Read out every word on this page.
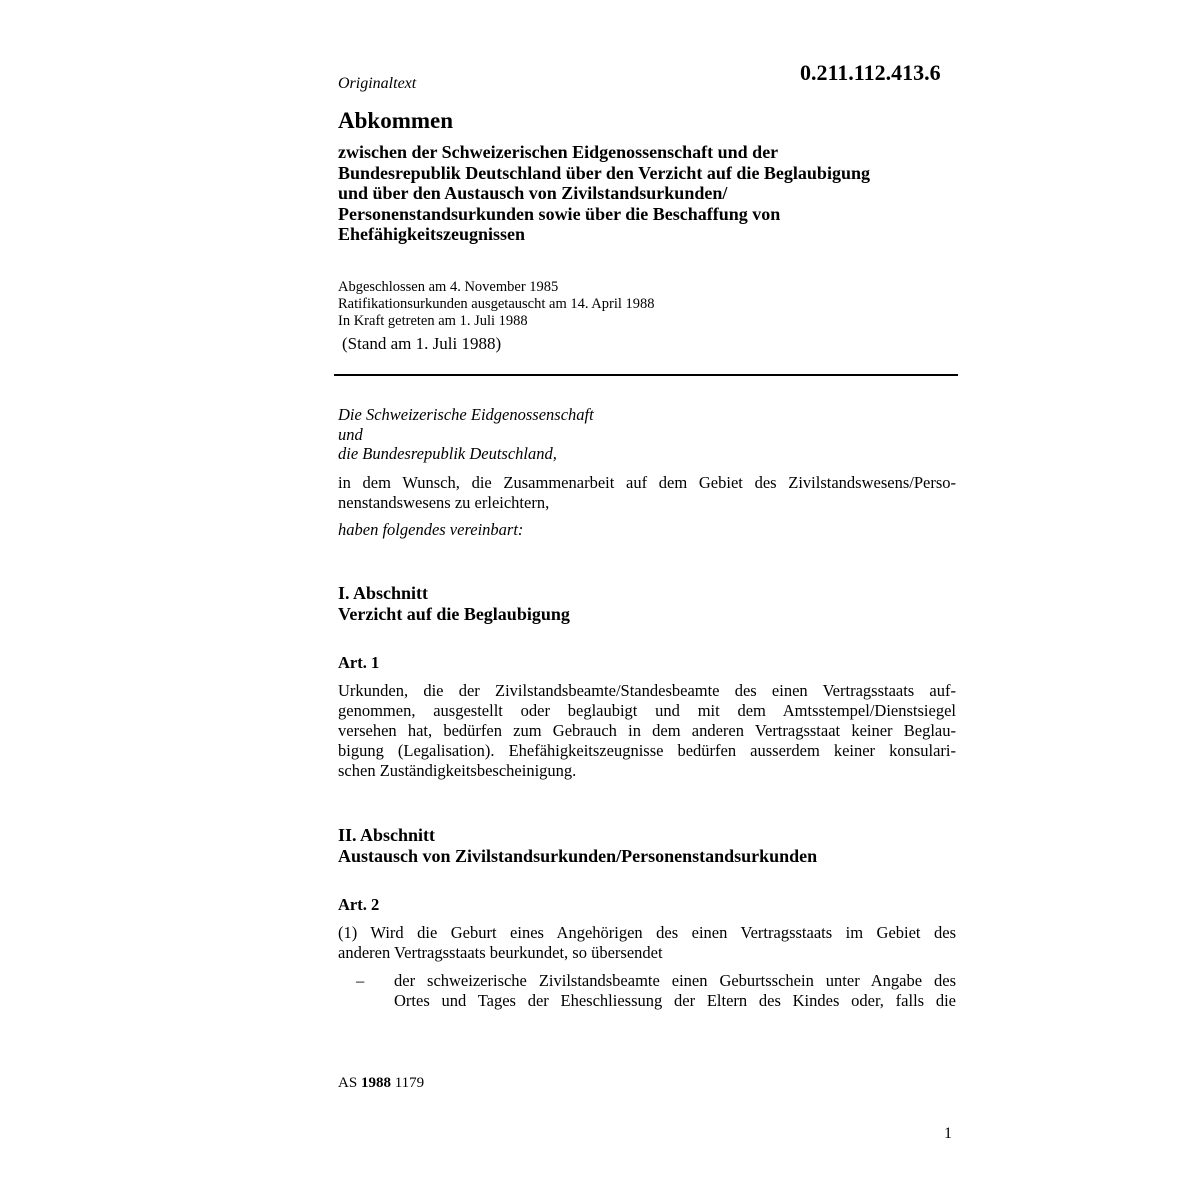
0.211.112.413.6
Originaltext
Abkommen
zwischen der Schweizerischen Eidgenossenschaft und der
Bundesrepublik Deutschland über den Verzicht auf die Beglaubigung
und über den Austausch von Zivilstandsurkunden/
Personenstandsurkunden sowie über die Beschaffung von
Ehefähigkeitszeugnissen
Abgeschlossen am 4. November 1985
Ratifikationsurkunden ausgetauscht am 14. April 1988
In Kraft getreten am 1. Juli 1988
(Stand am 1. Juli 1988)
Die Schweizerische Eidgenossenschaft
und
die Bundesrepublik Deutschland,
in dem Wunsch, die Zusammenarbeit auf dem Gebiet des Zivilstandswesens/Perso-
nenstandswesens zu erleichtern,
haben folgendes vereinbart:
I. Abschnitt
Verzicht auf die Beglaubigung
Art. 1
Urkunden, die der Zivilstandsbeamte/Standesbeamte des einen Vertragsstaats auf-
genommen, ausgestellt oder beglaubigt und mit dem Amtsstempel/Dienstsiegel
versehen hat, bedürfen zum Gebrauch in dem anderen Vertragsstaat keiner Beglau-
bigung (Legalisation). Ehefähigkeitszeugnisse bedürfen ausserdem keiner konsulari-
schen Zuständigkeitsbescheinigung.
II. Abschnitt
Austausch von Zivilstandsurkunden/Personenstandsurkunden
Art. 2
(1) Wird die Geburt eines Angehörigen des einen Vertragsstaats im Gebiet des
anderen Vertragsstaats beurkundet, so übersendet
– der schweizerische Zivilstandsbeamte einen Geburtsschein unter Angabe des
Ortes und Tages der Eheschliessung der Eltern des Kindes oder, falls die
AS 1988 1179
1
